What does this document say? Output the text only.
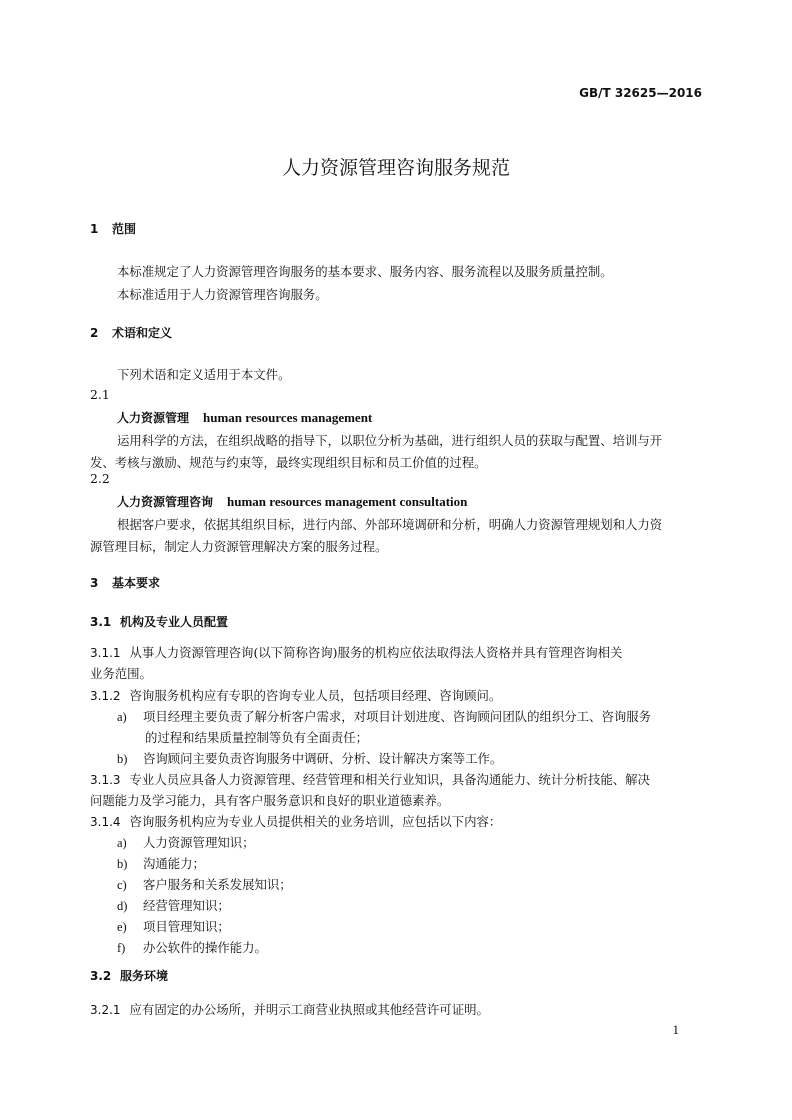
GB/T 32625—2016
人力资源管理咨询服务规范
1 范围
本标准规定了人力资源管理咨询服务的基本要求、服务内容、服务流程以及服务质量控制。
本标准适用于人力资源管理咨询服务。
2 术语和定义
下列术语和定义适用于本文件。
2.1
人力资源管理 human resources management
运用科学的方法，在组织战略的指导下，以职位分析为基础，进行组织人员的获取与配置、培训与开
发、考核与激励、规范与约束等，最终实现组织目标和员工价值的过程。
2.2
人力资源管理咨询 human resources management consultation
根据客户要求，依据其组织目标，进行内部、外部环境调研和分析，明确人力资源管理规划和人力资
源管理目标，制定人力资源管理解决方案的服务过程。
3 基本要求
3.1 机构及专业人员配置
3.1.1 从事人力资源管理咨询(以下简称咨询)服务的机构应依法取得法人资格并具有管理咨询相关
业务范围。
3.1.2 咨询服务机构应有专职的咨询专业人员，包括项目经理、咨询顾问。
a) 项目经理主要负责了解分析客户需求，对项目计划进度、咨询顾问团队的组织分工、咨询服务
的过程和结果质量控制等负有全面责任；
b) 咨询顾问主要负责咨询服务中调研、分析、设计解决方案等工作。
3.1.3 专业人员应具备人力资源管理、经营管理和相关行业知识，具备沟通能力、统计分析技能、解决
问题能力及学习能力，具有客户服务意识和良好的职业道德素养。
3.1.4 咨询服务机构应为专业人员提供相关的业务培训，应包括以下内容：
a) 人力资源管理知识；
b) 沟通能力；
c) 客户服务和关系发展知识；
d) 经营管理知识；
e) 项目管理知识；
f) 办公软件的操作能力。
3.2 服务环境
3.2.1 应有固定的办公场所，并明示工商营业执照或其他经营许可证明。
1
